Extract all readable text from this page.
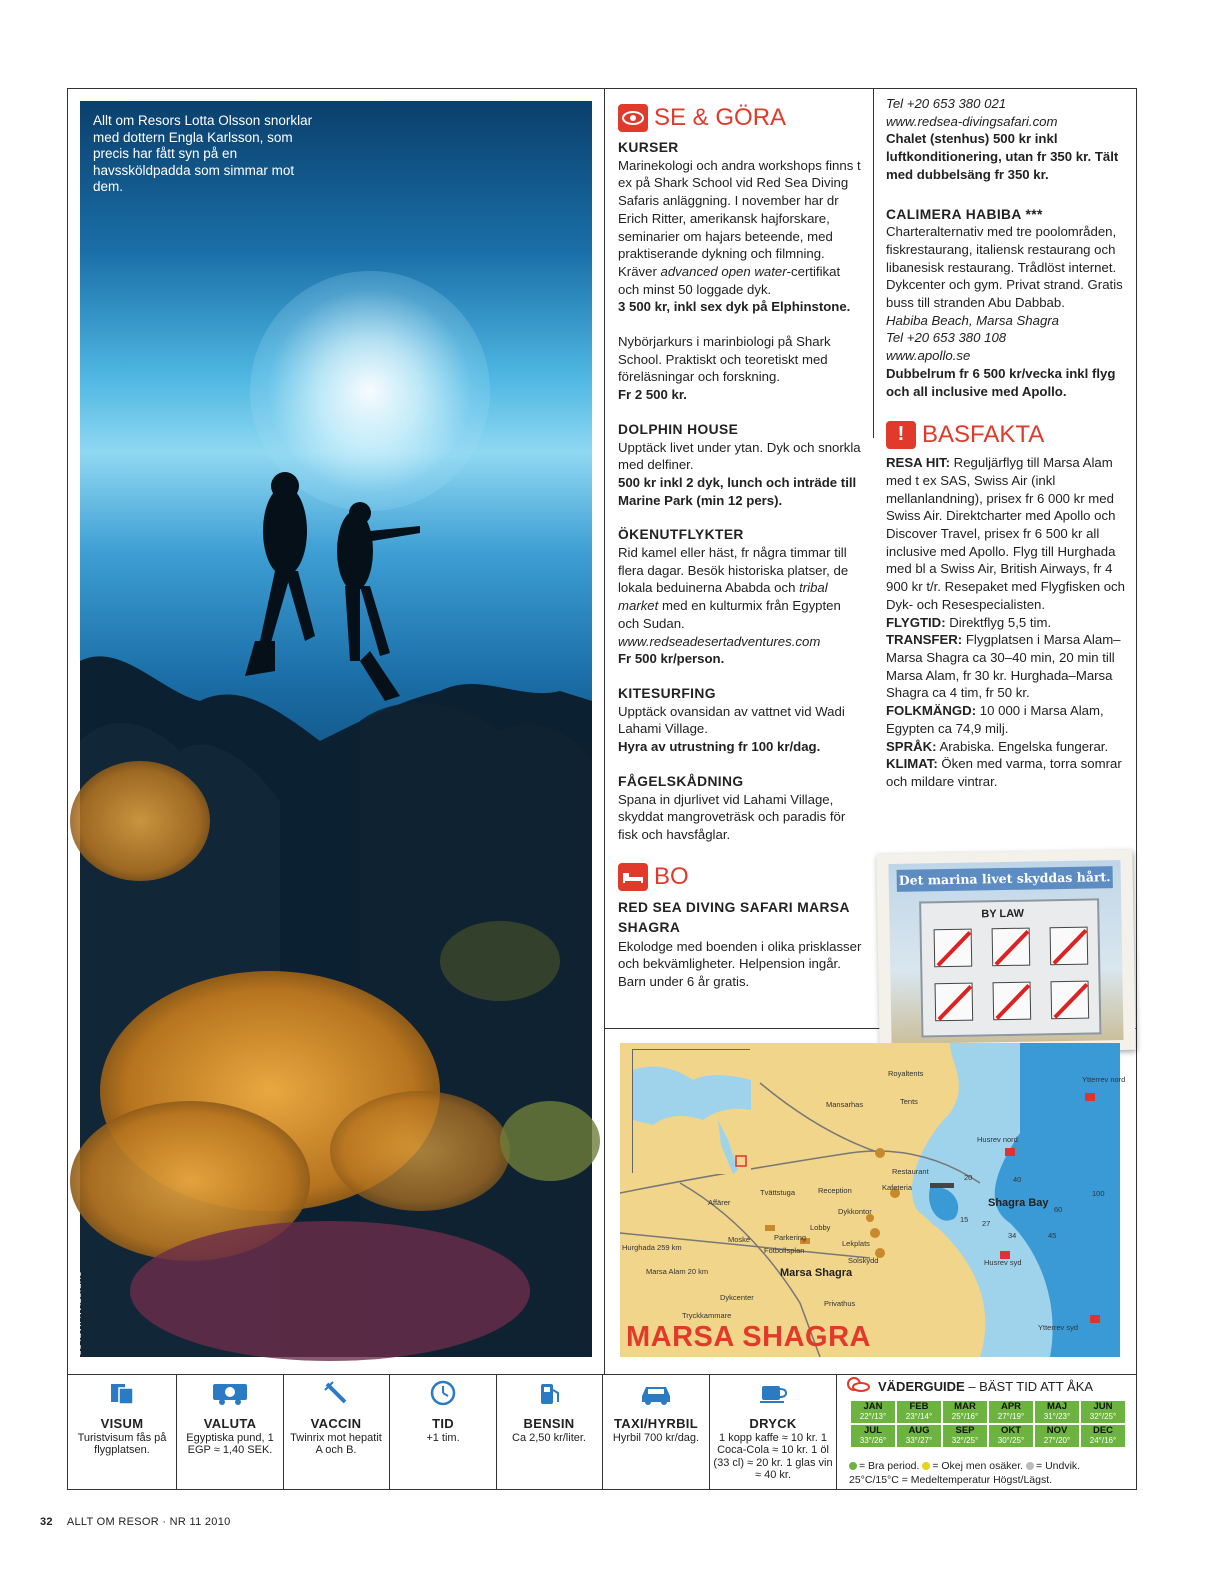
Allt om Resors Lotta Olsson snorklar med dottern Engla Karlsson, som precis har fått syn på en havssköldpadda som simmar mot dem.
CHRISTIAN KARLSSON
SE & GÖRA

KURSER

Marinekologi och andra workshops finns t ex på Shark School vid Red Sea Diving Safaris anläggning. I november har dr Erich Ritter, amerikansk hajforskare, seminarier om hajars beteende, med praktiserande dykning och filmning. Kräver advanced open water-certifikat och minst 50 loggade dyk.

3 500 kr, inkl sex dyk på Elphinstone.

Nybörjarkurs i marinbiologi på Shark School. Praktiskt och teoretiskt med föreläsningar och forskning.

Fr 2 500 kr.

DOLPHIN HOUSE

Upptäck livet under ytan. Dyk och snorkla med delfiner.

500 kr inkl 2 dyk, lunch och inträde till Marine Park (min 12 pers).

ÖKENUTFLYKTER

Rid kamel eller häst, fr några timmar till flera dagar. Besök historiska platser, de lokala beduinerna Ababda och tribal market med en kulturmix från Egypten och Sudan.

www.redseadesertadventures.com

Fr 500 kr/person.

KITESURFING

Upptäck ovansidan av vattnet vid Wadi Lahami Village.

Hyra av utrustning fr 100 kr/dag.

FÅGELSKÅDNING

Spana in djurlivet vid Lahami Village, skyddat mangroveträsk och paradis för fisk och havsfåglar.

BO

RED SEA DIVING SAFARI MARSA SHAGRA

Ekolodge med boenden i olika prisklasser och bekvämligheter. Helpension ingår. Barn under 6 år gratis.

Tel +20 653 380 021

www.redsea-divingsafari.com

Chalet (stenhus) 500 kr inkl luftkonditionering, utan fr 350 kr. Tält med dubbelsäng fr 350 kr.

CALIMERA HABIBA ***

Charteralternativ med tre poolområden, fiskrestaurang, italiensk restaurang och libanesisk restaurang. Trådlöst internet. Dykcenter och gym. Privat strand. Gratis buss till stranden Abu Dabbab.

Habiba Beach, Marsa Shagra

Tel +20 653 380 108

www.apollo.se

Dubbelrum fr 6 500 kr/vecka inkl flyg och all inclusive med Apollo.

! BASFAKTA

RESA HIT: Reguljärflyg till Marsa Alam med t ex SAS, Swiss Air (inkl mellanlandning), prisex fr 6 000 kr med Swiss Air. Direktcharter med Apollo och Discover Travel, prisex fr 6 500 kr all inclusive med Apollo. Flyg till Hurghada med bl a Swiss Air, British Airways, fr 4 900 kr t/r. Resepaket med Flygfisken och Dyk- och Resespecialisten.

FLYGTID: Direktflyg 5,5 tim.

TRANSFER: Flygplatsen i Marsa Alam–Marsa Shagra ca 30–40 min, 20 min till Marsa Alam, fr 30 kr. Hurghada–Marsa Shagra ca 4 tim, fr 50 kr.

FOLKMÄNGD: 10 000 i Marsa Alam, Egypten ca 74,9 milj.

SPRÅK: Arabiska. Engelska fungerar.

KLIMAT: Öken med varma, torra somrar och mildare vintrar.

Det marina livet skyddas hårt.
BY LAW
Ytterrev nord
Husrev nord
Shagra Bay
Husrev syd
Ytterrev syd
Royaltents
Tents
Mansarhas
Restaurant
Kafeteria
Reception
Tvättstuga
Dykkontor
Lobby
Affärer
Parkering
Moské
Fotbollsplan
Lekplats
Solskydd
Marsa Shagra
Dykcenter
Tryckkammare
Privathus
Hurghada 259 km
Marsa Alam 20 km
20	40
60
100
15 27
34	45
MARSA SHAGRA
VISUM
Turistvisum fås på flygplatsen.
VALUTA
Egyptiska pund, 1 EGP ≈ 1,40 SEK.
VACCIN
Twinrix mot hepatit A och B.
TID
+1 tim.
BENSIN
Ca 2,50 kr/liter.
TAXI/HYRBIL
Hyrbil 700 kr/dag.
DRYCK
1 kopp kaffe ≈ 10 kr. 1 Coca-Cola ≈ 10 kr. 1 öl (33 cl) ≈ 20 kr. 1 glas vin ≈ 40 kr.
VÄDERGUIDE
– BÄST TID ATT ÅKA
JAN
22°/13°
FEB
23°/14°
MAR
25°/16°
APR
27°/19°
MAJ
31°/23°
JUN
32°/25°
JUL
33°/26°
AUG
33°/27°
SEP
32°/25°
OKT
30°/25°
NOV
27°/20°
DEC
24°/16°
= Bra period. = Okej men osäker. = Undvik.
25°C/15°C = Medeltemperatur Högst/Lägst.
32 ALLT OM RESOR · NR 11 2010
